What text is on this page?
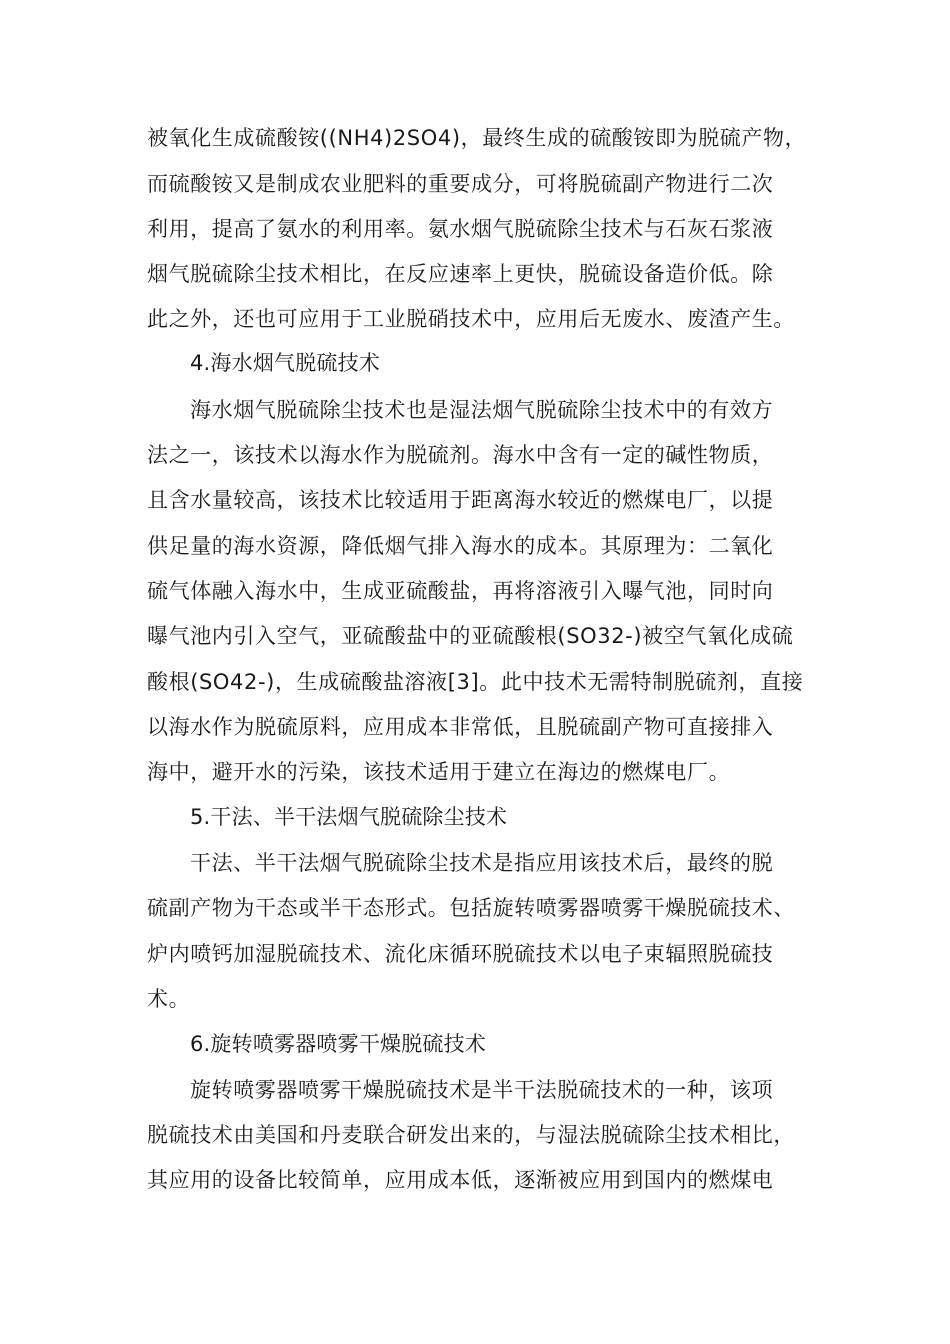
被氧化生成硫酸铵((NH4)2SO4)，最终生成的硫酸铵即为脱硫产物，
而硫酸铵又是制成农业肥料的重要成分，可将脱硫副产物进行二次
利用，提高了氨水的利用率。氨水烟气脱硫除尘技术与石灰石浆液
烟气脱硫除尘技术相比，在反应速率上更快，脱硫设备造价低。除
此之外，还也可应用于工业脱硝技术中，应用后无废水、废渣产生。
4.海水烟气脱硫技术
海水烟气脱硫除尘技术也是湿法烟气脱硫除尘技术中的有效方
法之一，该技术以海水作为脱硫剂。海水中含有一定的碱性物质，
且含水量较高，该技术比较适用于距离海水较近的燃煤电厂，以提
供足量的海水资源，降低烟气排入海水的成本。其原理为：二氧化
硫气体融入海水中，生成亚硫酸盐，再将溶液引入曝气池，同时向
曝气池内引入空气，亚硫酸盐中的亚硫酸根(SO32-)被空气氧化成硫
酸根(SO42-)，生成硫酸盐溶液[3]。此中技术无需特制脱硫剂，直接
以海水作为脱硫原料，应用成本非常低，且脱硫副产物可直接排入
海中，避开水的污染，该技术适用于建立在海边的燃煤电厂。
5.干法、半干法烟气脱硫除尘技术
干法、半干法烟气脱硫除尘技术是指应用该技术后，最终的脱
硫副产物为干态或半干态形式。包括旋转喷雾器喷雾干燥脱硫技术、
炉内喷钙加湿脱硫技术、流化床循环脱硫技术以电子束辐照脱硫技
术。
6.旋转喷雾器喷雾干燥脱硫技术
旋转喷雾器喷雾干燥脱硫技术是半干法脱硫技术的一种，该项
脱硫技术由美国和丹麦联合研发出来的，与湿法脱硫除尘技术相比，
其应用的设备比较简单，应用成本低，逐渐被应用到国内的燃煤电
